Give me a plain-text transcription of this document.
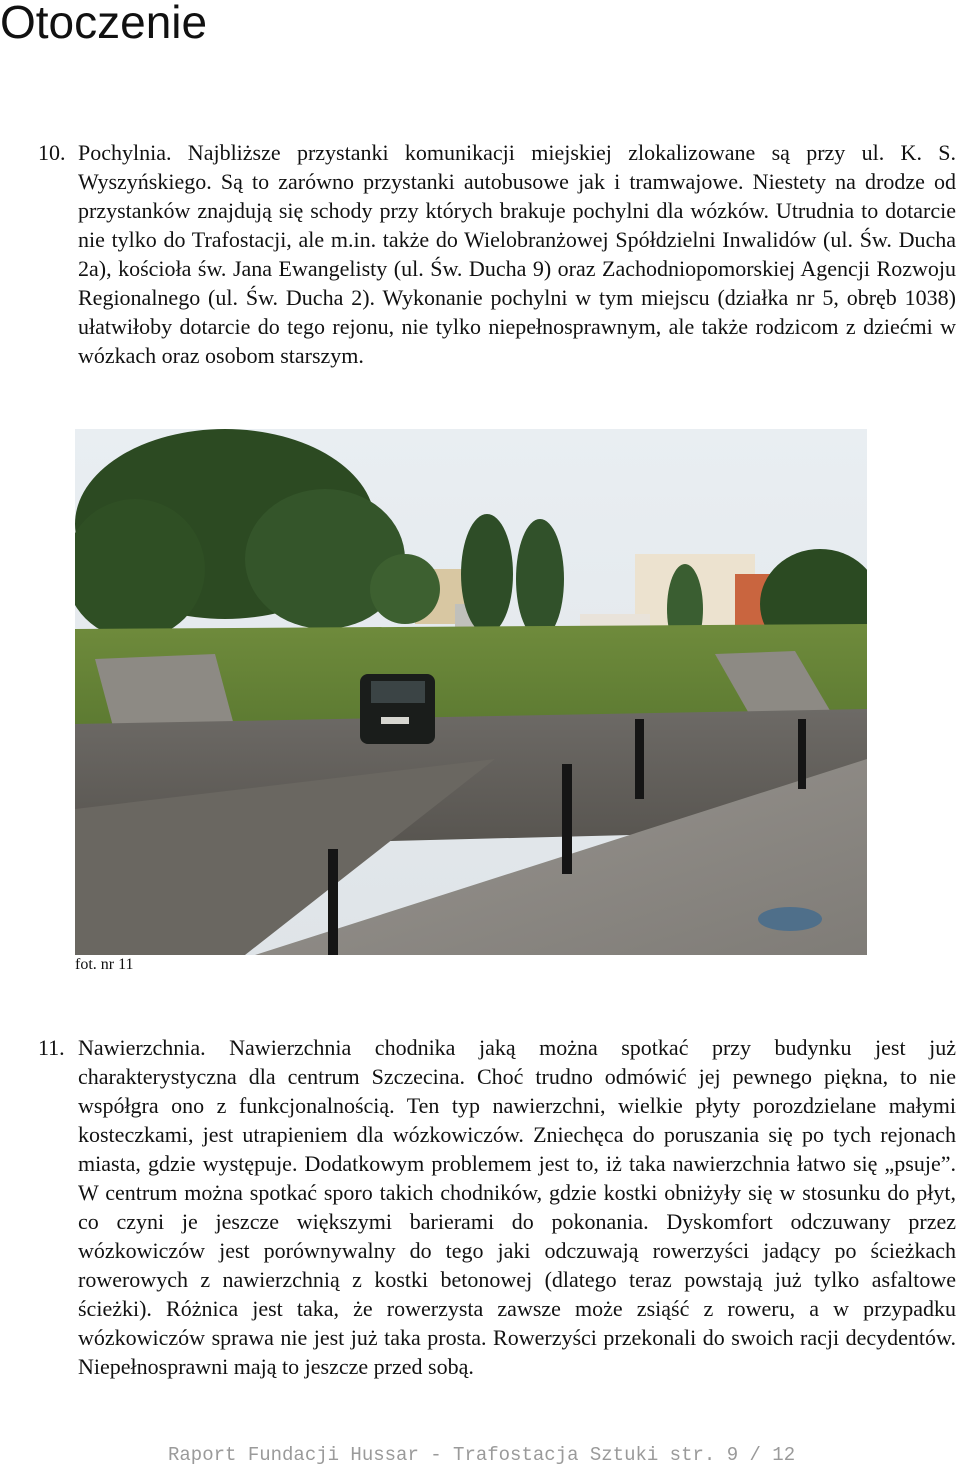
Otoczenie
10. Pochylnia. Najbliższe przystanki komunikacji miejskiej zlokalizowane są przy ul. K. S. Wyszyńskiego. Są to zarówno przystanki autobusowe jak i tramwajowe. Niestety na drodze od przystanków znajdują się schody przy których brakuje pochylni dla wózków. Utrudnia to dotarcie nie tylko do Trafostacji, ale m.in. także do Wielobranżowej Spółdzielni Inwalidów (ul. Św. Ducha 2a), kościoła św. Jana Ewangelisty (ul. Św. Ducha 9) oraz Zachodniopomorskiej Agencji Rozwoju Regionalnego (ul. Św. Ducha 2). Wykonanie pochylni w tym miejscu (działka nr 5, obręb 1038) ułatwiłoby dotarcie do tego rejonu, nie tylko niepełnosprawnym, ale także rodzicom z dziećmi w wózkach oraz osobom starszym.
fot. nr 11
11. Nawierzchnia. Nawierzchnia chodnika jaką można spotkać przy budynku jest już charakterystyczna dla centrum Szczecina. Choć trudno odmówić jej pewnego piękna, to nie współgra ono z funkcjonalnością. Ten typ nawierzchni, wielkie płyty porozdzielane małymi kosteczkami, jest utrapieniem dla wózkowiczów. Zniechęca do poruszania się po tych rejonach miasta, gdzie występuje. Dodatkowym problemem jest to, iż taka nawierzchnia łatwo się „psuje”. W centrum można spotkać sporo takich chodników, gdzie kostki obniżyły się w stosunku do płyt, co czyni je jeszcze większymi barierami do pokonania. Dyskomfort odczuwany przez wózkowiczów jest porównywalny do tego jaki odczuwają rowerzyści jadący po ścieżkach rowerowych z nawierzchnią z kostki betonowej (dlatego teraz powstają już tylko asfaltowe ścieżki). Różnica jest taka, że rowerzysta zawsze może zsiąść z roweru, a w przypadku wózkowiczów sprawa nie jest już taka prosta. Rowerzyści przekonali do swoich racji decydentów. Niepełnosprawni mają to jeszcze przed sobą.
Raport Fundacji Hussar - Trafostacja Sztuki str. 9 / 12
